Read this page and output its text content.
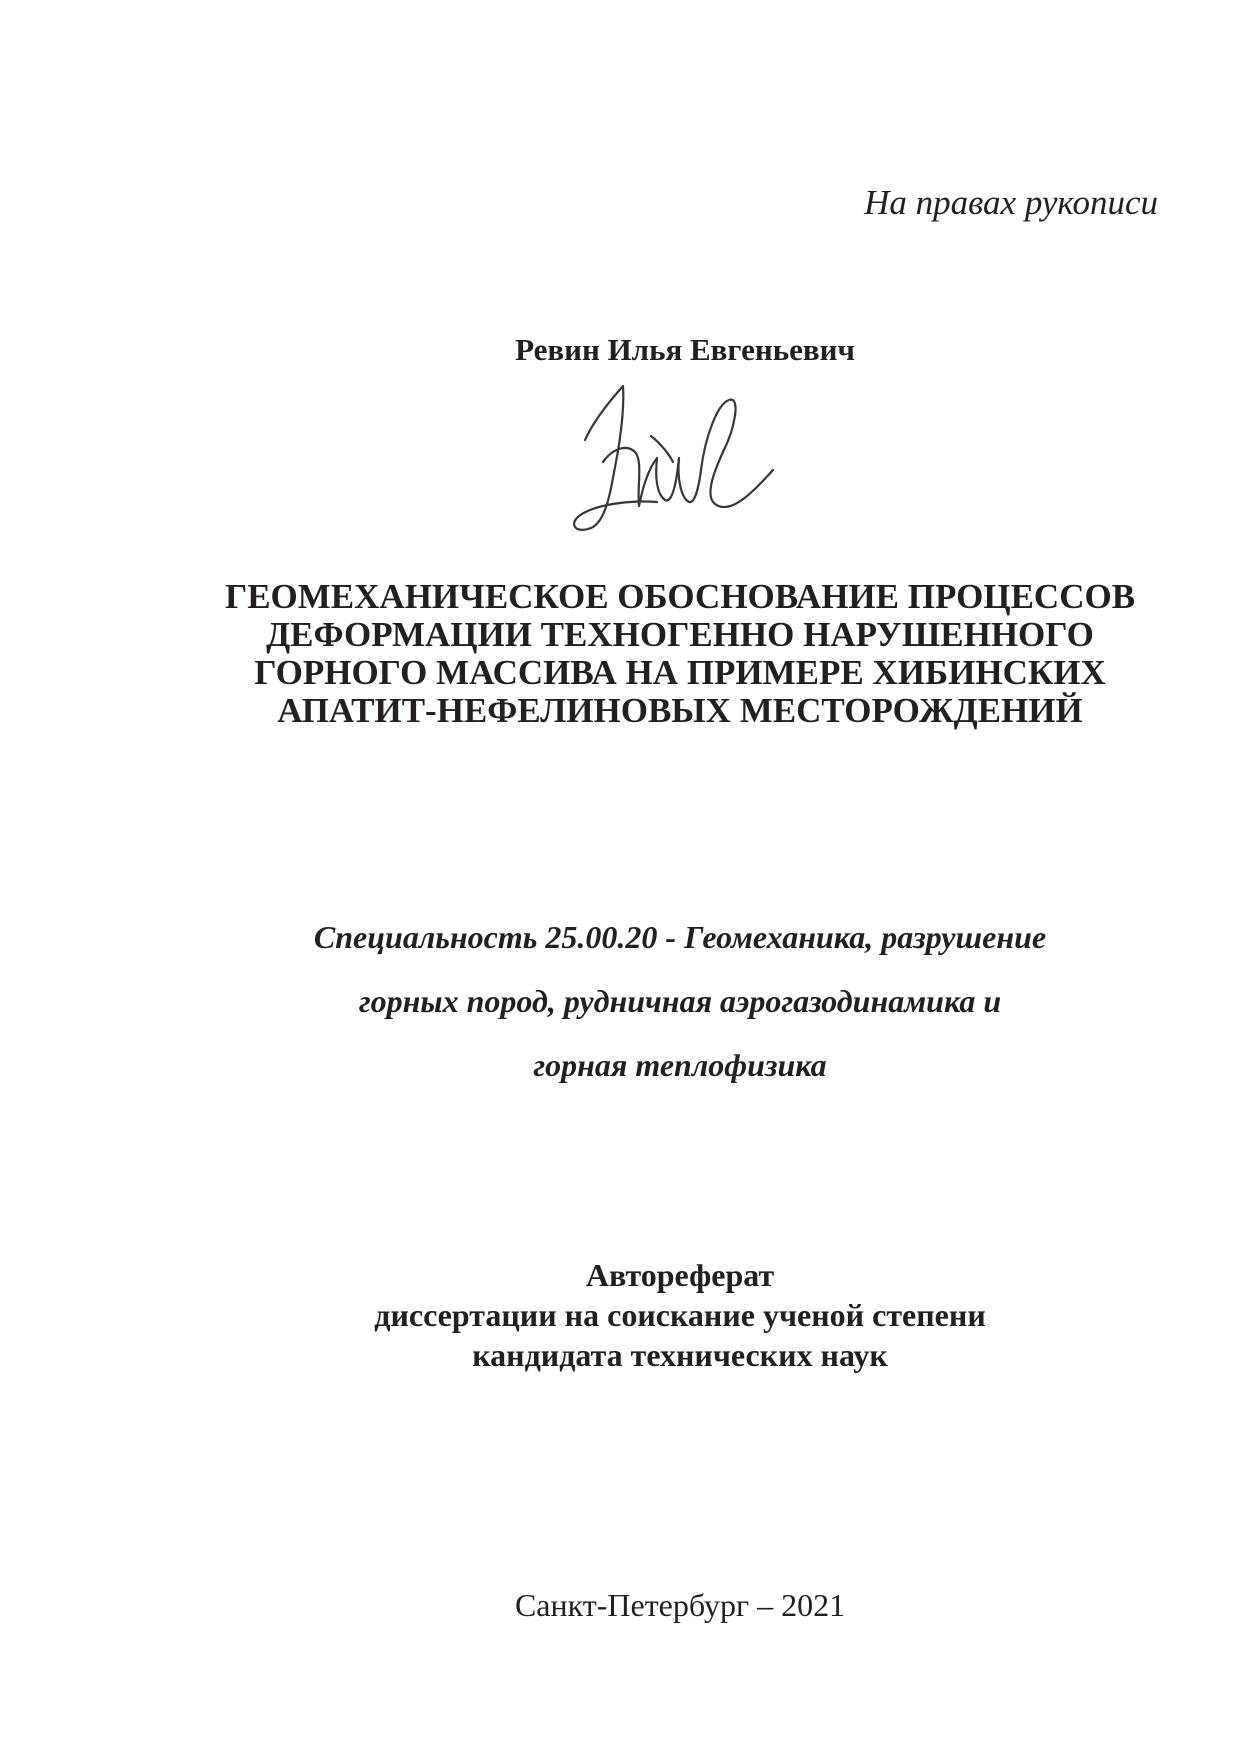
На правах рукописи
Ревин Илья Евгеньевич
ГЕОМЕХАНИЧЕСКОЕ ОБОСНОВАНИЕ ПРОЦЕССОВ
ДЕФОРМАЦИИ ТЕХНОГЕННО НАРУШЕННОГО
ГОРНОГО МАССИВА НА ПРИМЕРЕ ХИБИНСКИХ
АПАТИТ-НЕФЕЛИНОВЫХ МЕСТОРОЖДЕНИЙ
Специальность 25.00.20 - Геомеханика, разрушение
горных пород, рудничная аэрогазодинамика и
горная теплофизика
Автореферат
диссертации на соискание ученой степени
кандидата технических наук
Санкт-Петербург – 2021
